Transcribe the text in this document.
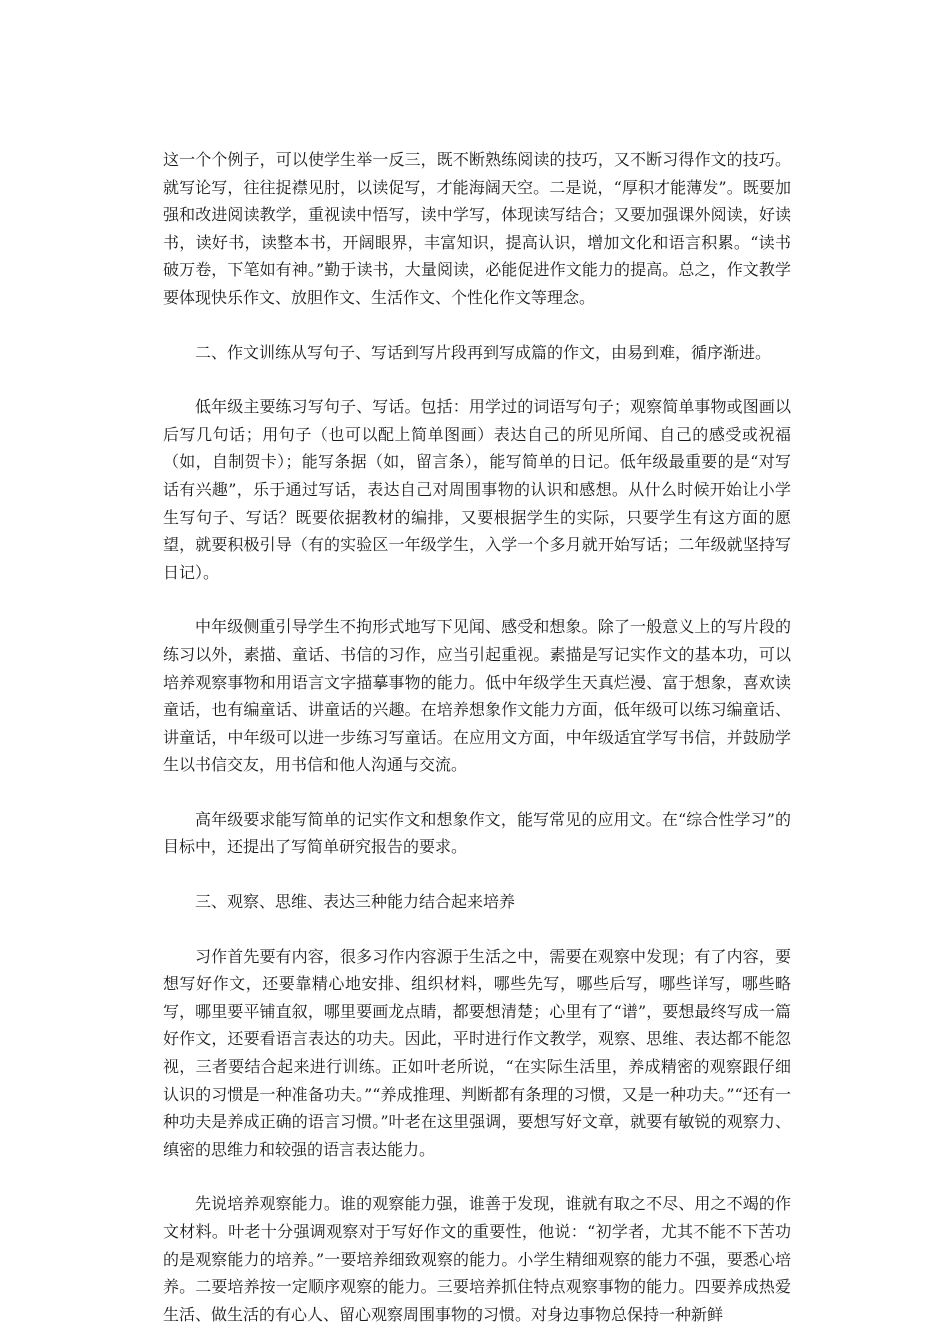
这一个个例子，可以使学生举一反三，既不断熟练阅读的技巧，又不断习得作文的技巧。就写论写，往往捉襟见肘，以读促写，才能海阔天空。二是说，“厚积才能薄发”。既要加强和改进阅读教学，重视读中悟写，读中学写，体现读写结合；又要加强课外阅读，好读书，读好书，读整本书，开阔眼界，丰富知识，提高认识，增加文化和语言积累。“读书破万卷，下笔如有神。”勤于读书，大量阅读，必能促进作文能力的提高。总之，作文教学要体现快乐作文、放胆作文、生活作文、个性化作文等理念。

二、作文训练从写句子、写话到写片段再到写成篇的作文，由易到难，循序渐进。

低年级主要练习写句子、写话。包括：用学过的词语写句子；观察简单事物或图画以后写几句话；用句子（也可以配上简单图画）表达自己的所见所闻、自己的感受或祝福（如，自制贺卡）；能写条据（如，留言条），能写简单的日记。低年级最重要的是“对写话有兴趣”，乐于通过写话，表达自己对周围事物的认识和感想。从什么时候开始让小学生写句子、写话？既要依据教材的编排，又要根据学生的实际，只要学生有这方面的愿望，就要积极引导（有的实验区一年级学生，入学一个多月就开始写话；二年级就坚持写日记）。

中年级侧重引导学生不拘形式地写下见闻、感受和想象。除了一般意义上的写片段的练习以外，素描、童话、书信的习作，应当引起重视。素描是写记实作文的基本功，可以培养观察事物和用语言文字描摹事物的能力。低中年级学生天真烂漫、富于想象，喜欢读童话，也有编童话、讲童话的兴趣。在培养想象作文能力方面，低年级可以练习编童话、讲童话，中年级可以进一步练习写童话。在应用文方面，中年级适宜学写书信，并鼓励学生以书信交友，用书信和他人沟通与交流。

高年级要求能写简单的记实作文和想象作文，能写常见的应用文。在“综合性学习”的目标中，还提出了写简单研究报告的要求。

三、观察、思维、表达三种能力结合起来培养

习作首先要有内容，很多习作内容源于生活之中，需要在观察中发现；有了内容，要想写好作文，还要靠精心地安排、组织材料，哪些先写，哪些后写，哪些详写，哪些略写，哪里要平铺直叙，哪里要画龙点睛，都要想清楚；心里有了“谱”，要想最终写成一篇好作文，还要看语言表达的功夫。因此，平时进行作文教学，观察、思维、表达都不能忽视，三者要结合起来进行训练。正如叶老所说，“在实际生活里，养成精密的观察跟仔细认识的习惯是一种准备功夫。”“养成推理、判断都有条理的习惯，又是一种功夫。”“还有一种功夫是养成正确的语言习惯。”叶老在这里强调，要想写好文章，就要有敏锐的观察力、缜密的思维力和较强的语言表达能力。

先说培养观察能力。谁的观察能力强，谁善于发现，谁就有取之不尽、用之不竭的作文材料。叶老十分强调观察对于写好作文的重要性，他说：“初学者，尤其不能不下苦功的是观察能力的培养。”一要培养细致观察的能力。小学生精细观察的能力不强，要悉心培养。二要培养按一定顺序观察的能力。三要培养抓住特点观察事物的能力。四要养成热爱生活、做生活的有心人、留心观察周围事物的习惯。对身边事物总保持一种新鲜
